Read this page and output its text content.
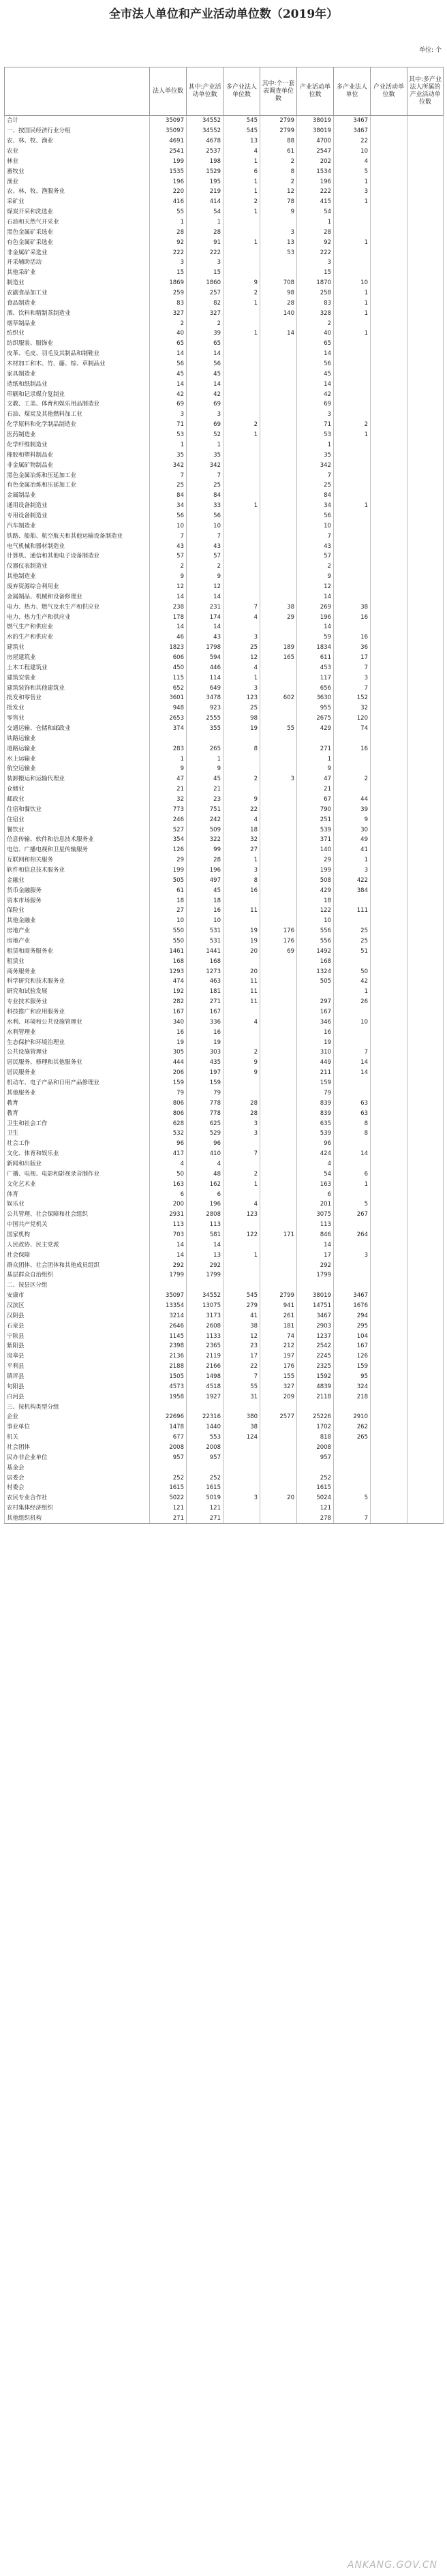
全市法人单位和产业活动单位数（2019年）
单位: 个
	法人单位数	其中:产业活动单位数	多产业法人单位数	其中:个一套表调查单位数	产业活动单位数	多产业法人单位	产业活动单位数	其中:多产业法人所属的产业活动单位数
合计	35097	34552	545	2799	38019	3467		
一、按国民经济行业分组	35097	34552	545	2799	38019	3467		
农、林、牧、渔业	4691	4678	13	88	4700	22		
农业	2541	2537	4	61	2547	10		
林业	199	198	1	2	202	4		
畜牧业	1535	1529	6	8	1534	5		
渔业	196	195	1	2	196	1		
农、林、牧、渔服务业	220	219	1	12	222	3		
采矿业	416	414	2	78	415	1		
煤炭开采和洗选业	55	54	1	9	54			
石油和天然气开采业	1	1			1			
黑色金属矿采选业	28	28		3	28			
有色金属矿采选业	92	91	1	13	92	1		
非金属矿采选业	222	222		53	222			
开采辅助活动	3	3			3			
其他采矿业	15	15			15			
制造业	1869	1860	9	708	1870	10		
农副食品加工业	259	257	2	98	258	1		
食品制造业	83	82	1	28	83	1		
酒、饮料和精制茶制造业	327	327		140	328	1		
烟草制品业	2	2			2			
纺织业	40	39	1	14	40	1		
纺织服装、服饰业	65	65			65			
皮革、毛皮、羽毛及其制品和制鞋业	14	14			14			
木材加工和木、竹、藤、棕、草制品业	56	56			56			
家具制造业	45	45			45			
造纸和纸制品业	14	14			14			
印刷和记录媒介复制业	42	42			42			
文教、工美、体育和娱乐用品制造业	69	69			69			
石油、煤炭及其他燃料加工业	3	3			3			
化学原料和化学制品制造业	71	69	2		71	2		
医药制造业	53	52	1		53	1		
化学纤维制造业	1	1			1			
橡胶和塑料制品业	35	35			35			
非金属矿物制品业	342	342			342			
黑色金属冶炼和压延加工业	7	7			7			
有色金属冶炼和压延加工业	25	25			25			
金属制品业	84	84			84			
通用设备制造业	34	33	1		34	1		
专用设备制造业	56	56			56			
汽车制造业	10	10			10			
铁路、船舶、航空航天和其他运输设备制造业	7	7			7			
电气机械和器材制造业	43	43			43			
计算机、通信和其他电子设备制造业	57	57			57			
仪器仪表制造业	2	2			2			
其他制造业	9	9			9			
废弃资源综合利用业	12	12			12			
金属制品、机械和设备修理业	14	14			14			
电力、热力、燃气及水生产和供应业	238	231	7	38	269	38		
电力、热力生产和供应业	178	174	4	29	196	16		
燃气生产和供应业	14	14			14			
水的生产和供应业	46	43	3		59	16		
建筑业	1823	1798	25	189	1834	36		
房屋建筑业	606	594	12	165	611	17		
土木工程建筑业	450	446	4		453	7		
建筑安装业	115	114	1		117	3		
建筑装饰和其他建筑业	652	649	3		656	7		
批发和零售业	3601	3478	123	602	3630	152		
批发业	948	923	25		955	32		
零售业	2653	2555	98		2675	120		
交通运输、仓储和邮政业	374	355	19	55	429	74		
铁路运输业								
道路运输业	283	265	8		271	16		
水上运输业	1	1			1			
航空运输业	9	9			9			
装卸搬运和运输代理业	47	45	2	3	47	2		
仓储业	21	21			21			
邮政业	32	23	9		67	44		
住宿和餐饮业	773	751	22		790	39		
住宿业	246	242	4		251	9		
餐饮业	527	509	18		539	30		
信息传输、软件和信息技术服务业	354	322	32		371	49		
电信、广播电视和卫星传输服务	126	99	27		140	41		
互联网和相关服务	29	28	1		29	1		
软件和信息技术服务业	199	196	3		199	3		
金融业	505	497	8		508	422		
货币金融服务	61	45	16		429	384		
资本市场服务	18	18			18			
保险业	27	16	11		122	111		
其他金融业	10	10			10			
房地产业	550	531	19	176	556	25		
房地产业	550	531	19	176	556	25		
租赁和商务服务业	1461	1441	20	69	1492	51		
租赁业	168	168			168			
商务服务业	1293	1273	20		1324	50		
科学研究和技术服务业	474	463	11		505	42		
研究和试验发展	192	181	11			1		
专业技术服务业	282	271	11		297	26		
科技推广和应用服务业	167	167			167			
水利、环境和公共设施管理业	340	336	4		346	10		
水利管理业	16	16			16			
生态保护和环境治理业	19	19			19			
公共设施管理业	305	303	2		310	7		
居民服务、修理和其他服务业	444	435	9		449	14		
居民服务业	206	197	9		211	14		
机动车、电子产品和日用产品修理业	159	159			159			
其他服务业	79	79			79			
教育	806	778	28		839	63		
教育	806	778	28		839	63		
卫生和社会工作	628	625	3		635	8		
卫生	532	529	3		539	8		
社会工作	96	96			96			
文化、体育和娱乐业	417	410	7		424	14		
新闻和出版业	4	4			4			
广播、电视、电影和影视录音制作业	50	48	2		54	6		
文化艺术业	163	162	1		163	1		
体育	6	6			6			
娱乐业	200	196	4		201	5		
公共管理、社会保障和社会组织	2931	2808	123		3075	267		
中国共产党机关	113	113			113			
国家机构	703	581	122	171	846	264		
人民政协、民主党派	14	14			14			
社会保障	14	13	1		17	3		
群众团体、社会团体和其他成员组织	292	292			292			
基层群众自治组织	1799	1799			1799			
二、按县区分组								
安康市	35097	34552	545	2799	38019	3467		
汉滨区	13354	13075	279	941	14751	1676		
汉阴县	3214	3173	41	261	3467	294		
石泉县	2646	2608	38	181	2903	295		
宁陕县	1145	1133	12	74	1237	104		
紫阳县	2398	2365	23	212	2542	167		
岚皋县	2136	2119	17	197	2245	126		
平利县	2188	2166	22	176	2325	159		
镇坪县	1505	1498	7	155	1592	95		
旬阳县	4573	4518	55	327	4839	324		
白河县	1958	1927	31	209	2118	218		
三、按机构类型分组								
企业	22696	22316	380	2577	25226	2910		
事业单位	1478	1440	38		1702	262		
机关	677	553	124		818	265		
社会团体	2008	2008			2008			
民办非企业单位	957	957			957			
基金会								
居委会	252	252			252			
村委会	1615	1615			1615			
农民专业合作社	5022	5019	3	20	5024	5		
农村集体经济组织	121	121			121			
其他组织机构	271	271			278	7		
ANKANG.GOV.CN
